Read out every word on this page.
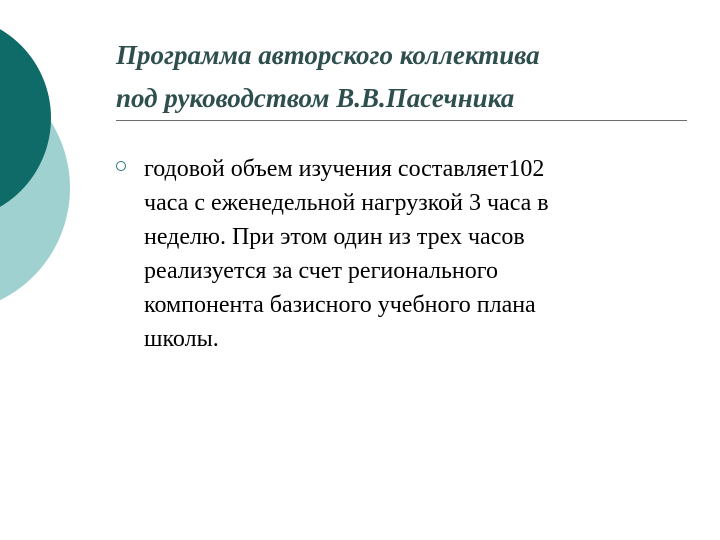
Программа авторского коллектива
под руководством В.В.Пасечника
годовой объем изучения составляет102
часа с еженедельной нагрузкой 3 часа в
неделю. При этом один из трех часов
реализуется за счет регионального
компонента базисного учебного плана
школы.
